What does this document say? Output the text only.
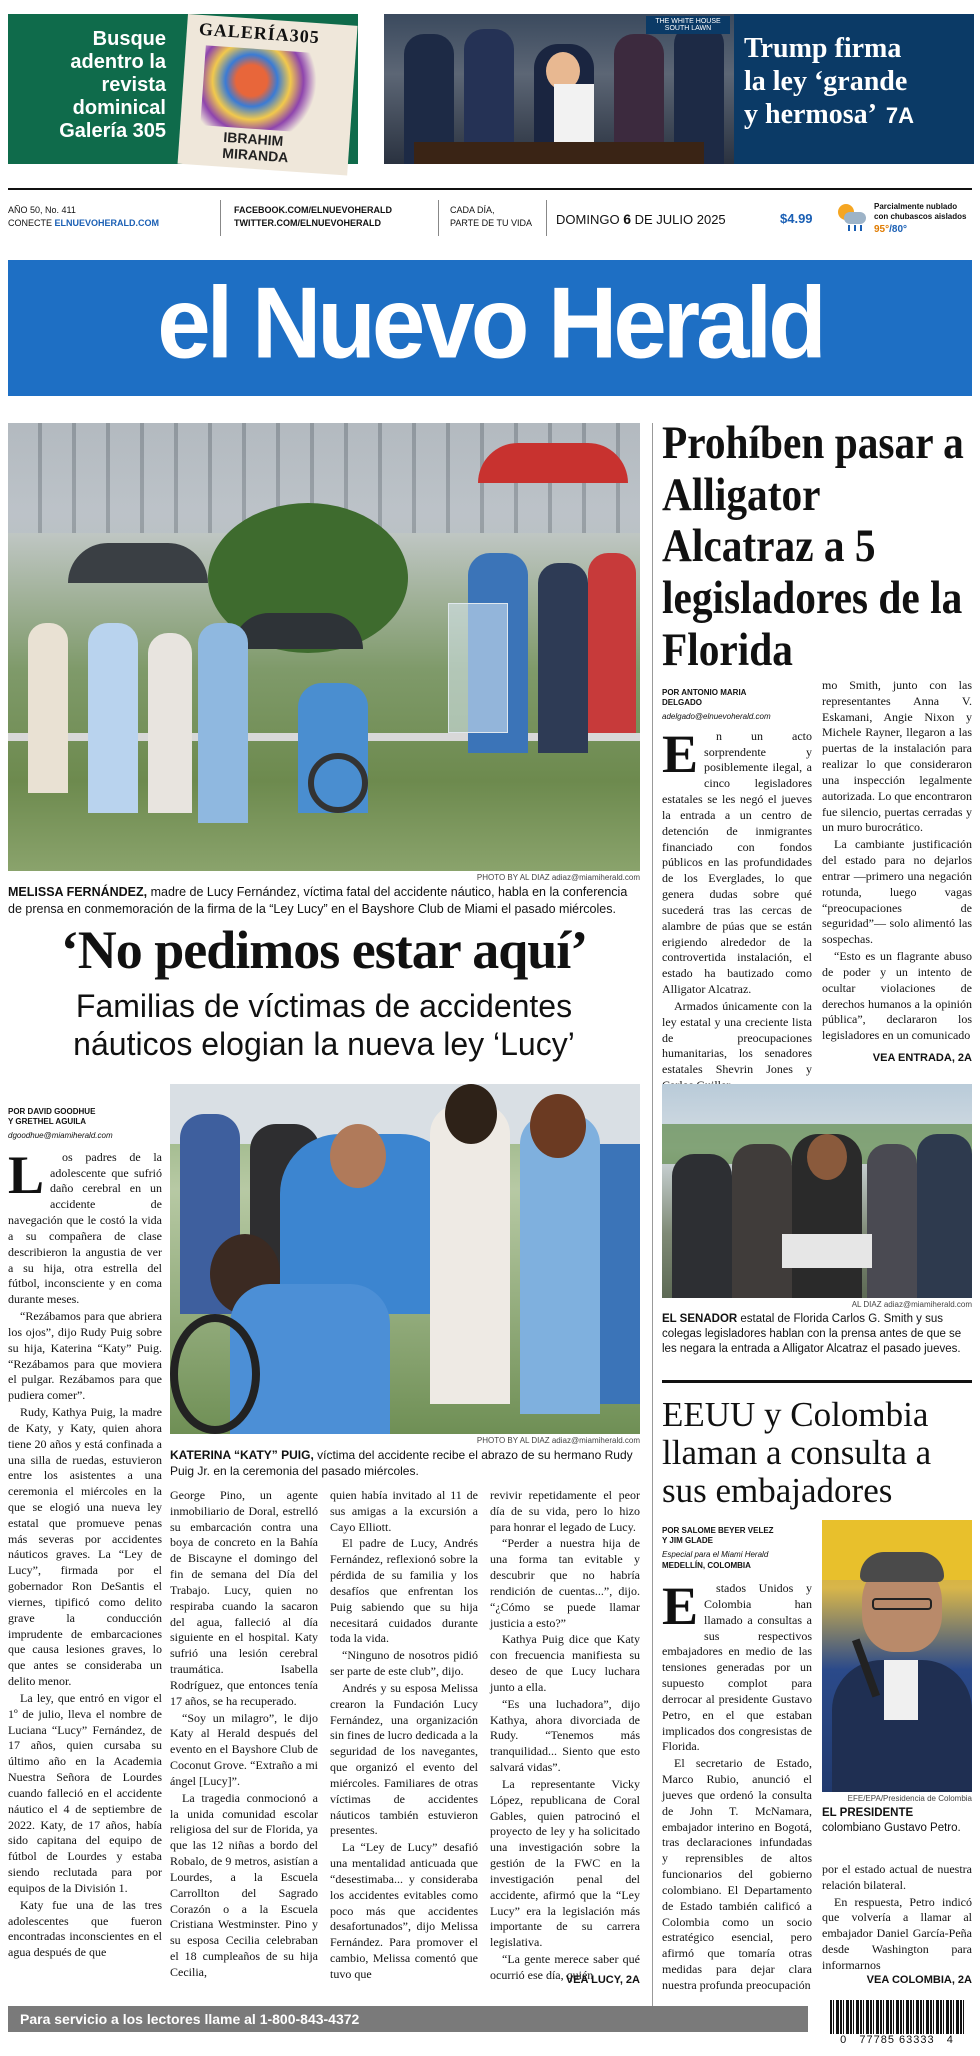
Busque adentro la revista dominical Galería 305
GALERÍA305
IBRAHIM
MIRANDA
THE WHITE HOUSE SOUTH LAWN
Trump firma
la ley ‘grande
y hermosa’ 7A
AÑO 50, No. 411
CONECTE ELNUEVOHERALD.COM
FACEBOOK.COM/ELNUEVOHERALD
TWITTER.COM/ELNUEVOHERALD
CADA DÍA,
PARTE DE TU VIDA DOMINGO 6 DE JULIO 2025	$4.99
Parcialmente nublado
con chubascos aislados
95°/80°
el Nuevo Herald
PHOTO BY AL DIAZ adiaz@miamiherald.com
MELISSA FERNÁNDEZ, madre de Lucy Fernández, víctima fatal del accidente náutico, habla en la conferencia de prensa en conmemoración de la firma de la “Ley Lucy” en el Bayshore Club de Miami el pasado miércoles.
‘No pedimos estar aquí’
Familias de víctimas de accidentes
náuticos elogian la nueva ley ‘Lucy’
POR DAVID GOODHUE
Y GRETHEL AGUILA
dgoodhue@miamiherald.com
L	os padres de la adolescente que sufrió daño cerebral en un accidente de navegación que le costó la vida a su compañera de clase describieron la angustia de ver a su hija, otra estrella del fútbol, inconsciente y en coma durante meses.

“Rezábamos para que abriera los ojos”, dijo Rudy Puig sobre su hija, Katerina “Katy” Puig. “Rezábamos para que moviera el pulgar. Rezábamos para que pudiera comer”.

Rudy, Kathya Puig, la madre de Katy, y Katy, quien ahora tiene 20 años y está confinada a una silla de ruedas, estuvieron entre los asistentes a una ceremonia el miércoles en la que se elogió una nueva ley estatal que promueve penas más severas por accidentes náuticos graves. La “Ley de Lucy”, firmada por el gobernador Ron DeSantis el viernes, tipificó como delito grave la conducción imprudente de embarcaciones que causa lesiones graves, lo que antes se consideraba un delito menor.

La ley, que entró en vigor el 1º de julio, lleva el nombre de Luciana “Lucy” Fernández, de 17 años, quien cursaba su último año en la Academia Nuestra Señora de Lourdes cuando falleció en el accidente náutico el 4 de septiembre de 2022. Katy, de 17 años, había sido capitana del equipo de fútbol de Lourdes y estaba siendo reclutada para por equipos de la División 1.

Katy fue una de las tres adolescentes que fueron encontradas inconscientes en el agua después de que

PHOTO BY AL DIAZ adiaz@miamiherald.com
KATERINA “KATY” PUIG, víctima del accidente recibe el abrazo de su hermano Rudy Puig Jr. en la ceremonia del pasado miércoles.

George Pino, un agente inmobiliario de Doral, estrelló su embarcación contra una boya de concreto en la Bahía de Biscayne el domingo del fin de semana del Día del Trabajo. Lucy, quien no respiraba cuando la sacaron del agua, falleció al día siguiente en el hospital. Katy sufrió una lesión cerebral traumática. Isabella Rodríguez, que entonces tenía 17 años, se ha recuperado.

“Soy un milagro”, le dijo Katy al Herald después del evento en el Bayshore Club de Coconut Grove. “Extraño a mi ángel [Lucy]”.

La tragedia conmocionó a la unida comunidad escolar religiosa del sur de Florida, ya que las 12 niñas a bordo del Robalo, de 9 metros, asistían a Lourdes, a la Escuela Carrollton del Sagrado Corazón o a la Escuela Cristiana Westminster. Pino y su esposa Cecilia celebraban el 18 cumpleaños de su hija Cecilia,

quien había invitado al 11 de sus amigas a la excursión a Cayo Elliott.

El padre de Lucy, Andrés Fernández, reflexionó sobre la pérdida de su familia y los desafíos que enfrentan los Puig sabiendo que su hija necesitará cuidados durante toda la vida.

“Ninguno de nosotros pidió ser parte de este club”, dijo.

Andrés y su esposa Melissa crearon la Fundación Lucy Fernández, una organización sin fines de lucro dedicada a la seguridad de los navegantes, que organizó el evento del miércoles. Familiares de otras víctimas de accidentes náuticos también estuvieron presentes.

La “Ley de Lucy” desafió una mentalidad anticuada que “desestimaba... y consideraba los accidentes evitables como poco más que accidentes desafortunados”, dijo Melissa Fernández. Para promover el cambio, Melissa comentó que tuvo que

revivir repetidamente el peor día de su vida, pero lo hizo para honrar el legado de Lucy.

“Perder a nuestra hija de una forma tan evitable y descubrir que no habría rendición de cuentas...”, dijo. “¿Cómo se puede llamar justicia a esto?”

Kathya Puig dice que Katy con frecuencia manifiesta su deseo de que Lucy luchara junto a ella.

“Es una luchadora”, dijo Kathya, ahora divorciada de Rudy. “Tenemos más tranquilidad... Siento que esto salvará vidas”.

La representante Vicky López, republicana de Coral Gables, quien patrocinó el proyecto de ley y ha solicitado una investigación sobre la gestión de la FWC en la investigación penal del accidente, afirmó que la “Ley Lucy” era la legislación más importante de su carrera legislativa.

“La gente merece saber qué ocurrió ese día, quién

VEA LUCY, 2A
Prohíben pasar a Alligator Alcatraz a 5 legisladores de la Florida
POR ANTONIO MARIA
DELGADO
adelgado@elnuevoherald.com
E	n un acto sorprendente y posiblemente ilegal, a cinco legisladores estatales se les negó el jueves la entrada a un centro de detención de inmigrantes financiado con fondos públicos en las profundidades de los Everglades, lo que genera dudas sobre qué sucederá tras las cercas de alambre de púas que se están erigiendo alrededor de la controvertida instalación, el estado ha bautizado como Alligator Alcatraz.

Armados únicamente con la ley estatal y una creciente lista de preocupaciones humanitarias, los senadores estatales Shevrin Jones y

mo Smith, junto con las representantes Anna V. Eskamani, Angie Nixon y Michele Rayner, llegaron a las puertas de la instalación para realizar lo que consideraron una inspección legalmente autorizada. Lo que encontraron fue silencio, puertas cerradas y un muro burocrático.

La cambiante justificación del estado para no dejarlos entrar —primero una negación rotunda, luego vagas “preocupaciones de seguridad”— solo alimentó las sospechas.

“Esto es un flagrante abuso de poder y un intento de ocultar violaciones de derechos humanos a la opinión pública”, declararon los legisladores en un comunicado

VEA ENTRADA, 2A
AL DIAZ adiaz@miamiherald.com
EL SENADOR estatal de Florida Carlos G. Smith y sus colegas legisladores hablan con la prensa antes de que se les negara la entrada a Alligator Alcatraz el pasado jueves.
EEUU y Colombia llaman a consulta a sus embajadores
POR SALOME BEYER VELEZ
Y JIM GLADE
Especial para el Miami Herald
MEDELLÍN, COLOMBIA
E	stados Unidos y Colombia han llamado a consultas a sus respectivos embajadores en medio de las tensiones generadas por un supuesto complot para derrocar al presidente Gustavo Petro, en el que estaban implicados dos congresistas de Florida.

El secretario de Estado, Marco Rubio, anunció el jueves que ordenó la consulta de John T. McNamara, embajador interino en Bogotá, tras declaraciones infundadas y reprensibles de altos funcionarios del gobierno colombiano. El Departamento de Estado también calificó a Colombia como un socio estratégico esencial, pero afirmó que tomaría otras medidas para dejar clara nuestra profunda preocupación

EFE/EPA/Presidencia de Colombia
EL PRESIDENTE colombiano Gustavo Petro.

por el estado actual de nuestra relación bilateral.

En respuesta, Petro indicó que volvería a llamar al embajador Daniel García-Peña desde Washington para informarnos

VEA COLOMBIA, 2A
Para servicio a los lectores llame al 1-800-843-4372
0   77785 63333   4
